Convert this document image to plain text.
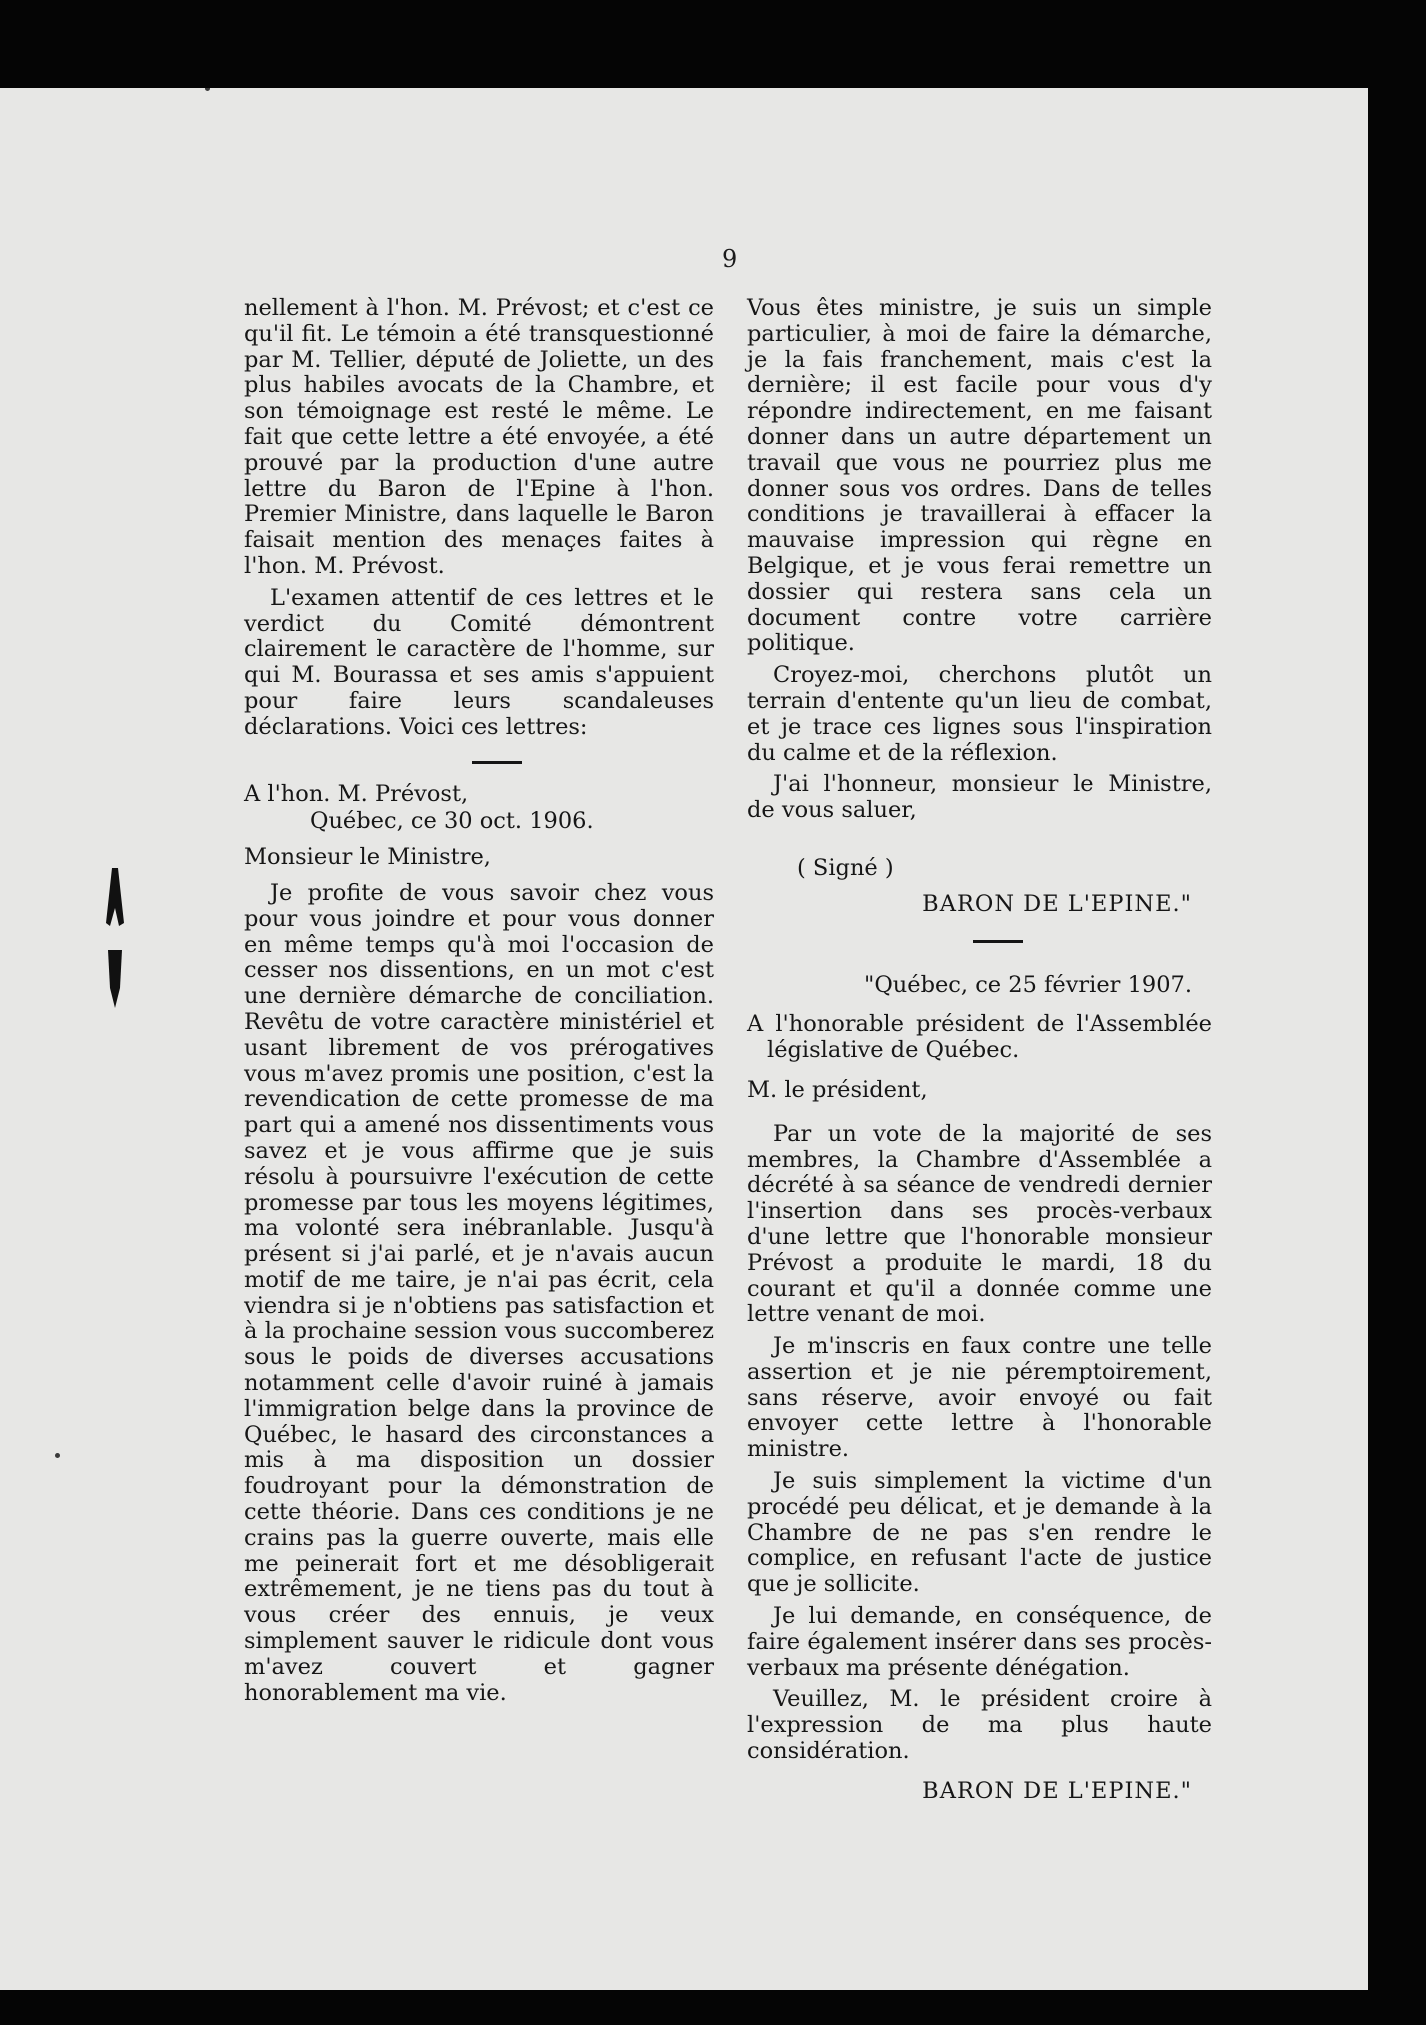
9

nellement à l'hon. M. Prévost; et c'est ce qu'il fit. Le témoin a été transquestionné par M. Tellier, député de Joliette, un des plus habiles avocats de la Chambre, et son témoignage est resté le même. Le fait que cette lettre a été envoyée, a été prouvé par la production d'une autre lettre du Baron de l'Epine à l'hon. Premier Ministre, dans laquelle le Baron faisait mention des menaçes faites à l'hon. M. Prévost.

L'examen attentif de ces lettres et le verdict du Comité démontrent clairement le caractère de l'homme, sur qui M. Bourassa et ses amis s'appuient pour faire leurs scandaleuses déclarations. Voici ces lettres:

A l'hon. M. Prévost,

Québec, ce 30 oct. 1906.

Monsieur le Ministre,

Je profite de vous savoir chez vous pour vous joindre et pour vous donner en même temps qu'à moi l'occasion de cesser nos dissentions, en un mot c'est une dernière démarche de conciliation. Revêtu de votre caractère ministériel et usant librement de vos prérogatives vous m'avez promis une position, c'est la revendication de cette promesse de ma part qui a amené nos dissentiments vous savez et je vous affirme que je suis résolu à poursuivre l'exécution de cette promesse par tous les moyens légitimes, ma volonté sera inébranlable. Jusqu'à présent si j'ai parlé, et je n'avais aucun motif de me taire, je n'ai pas écrit, cela viendra si je n'obtiens pas satisfaction et à la prochaine session vous succomberez sous le poids de diverses accusations notamment celle d'avoir ruiné à jamais l'immigration belge dans la province de Québec, le hasard des circonstances a mis à ma disposition un dossier foudroyant pour la démonstration de cette théorie. Dans ces conditions je ne crains pas la guerre ouverte, mais elle me peinerait fort et me désobligerait extrêmement, je ne tiens pas du tout à vous créer des ennuis, je veux simplement sauver le ridicule dont vous m'avez couvert et gagner honorablement ma vie.

Vous êtes ministre, je suis un simple particulier, à moi de faire la démarche, je la fais franchement, mais c'est la dernière; il est facile pour vous d'y répondre indirectement, en me faisant donner dans un autre département un travail que vous ne pourriez plus me donner sous vos ordres. Dans de telles conditions je travaillerai à effacer la mauvaise impression qui règne en Belgique, et je vous ferai remettre un dossier qui restera sans cela un document contre votre carrière politique.

Croyez-moi, cherchons plutôt un terrain d'entente qu'un lieu de combat, et je trace ces lignes sous l'inspiration du calme et de la réflexion.

J'ai l'honneur, monsieur le Ministre, de vous saluer,

( Signé )

BARON DE L'EPINE."

"Québec, ce 25 février 1907.

A l'honorable président de l'Assemblée législative de Québec.

M. le président,

Par un vote de la majorité de ses membres, la Chambre d'Assemblée a décrété à sa séance de vendredi dernier l'insertion dans ses procès-verbaux d'une lettre que l'honorable monsieur Prévost a produite le mardi, 18 du courant et qu'il a donnée comme une lettre venant de moi.

Je m'inscris en faux contre une telle assertion et je nie péremptoirement, sans réserve, avoir envoyé ou fait envoyer cette lettre à l'honorable ministre.

Je suis simplement la victime d'un procédé peu délicat, et je demande à la Chambre de ne pas s'en rendre le complice, en refusant l'acte de justice que je sollicite.

Je lui demande, en conséquence, de faire également insérer dans ses procès-verbaux ma présente dénégation.

Veuillez, M. le président croire à l'expression de ma plus haute considération.

BARON DE L'EPINE."
